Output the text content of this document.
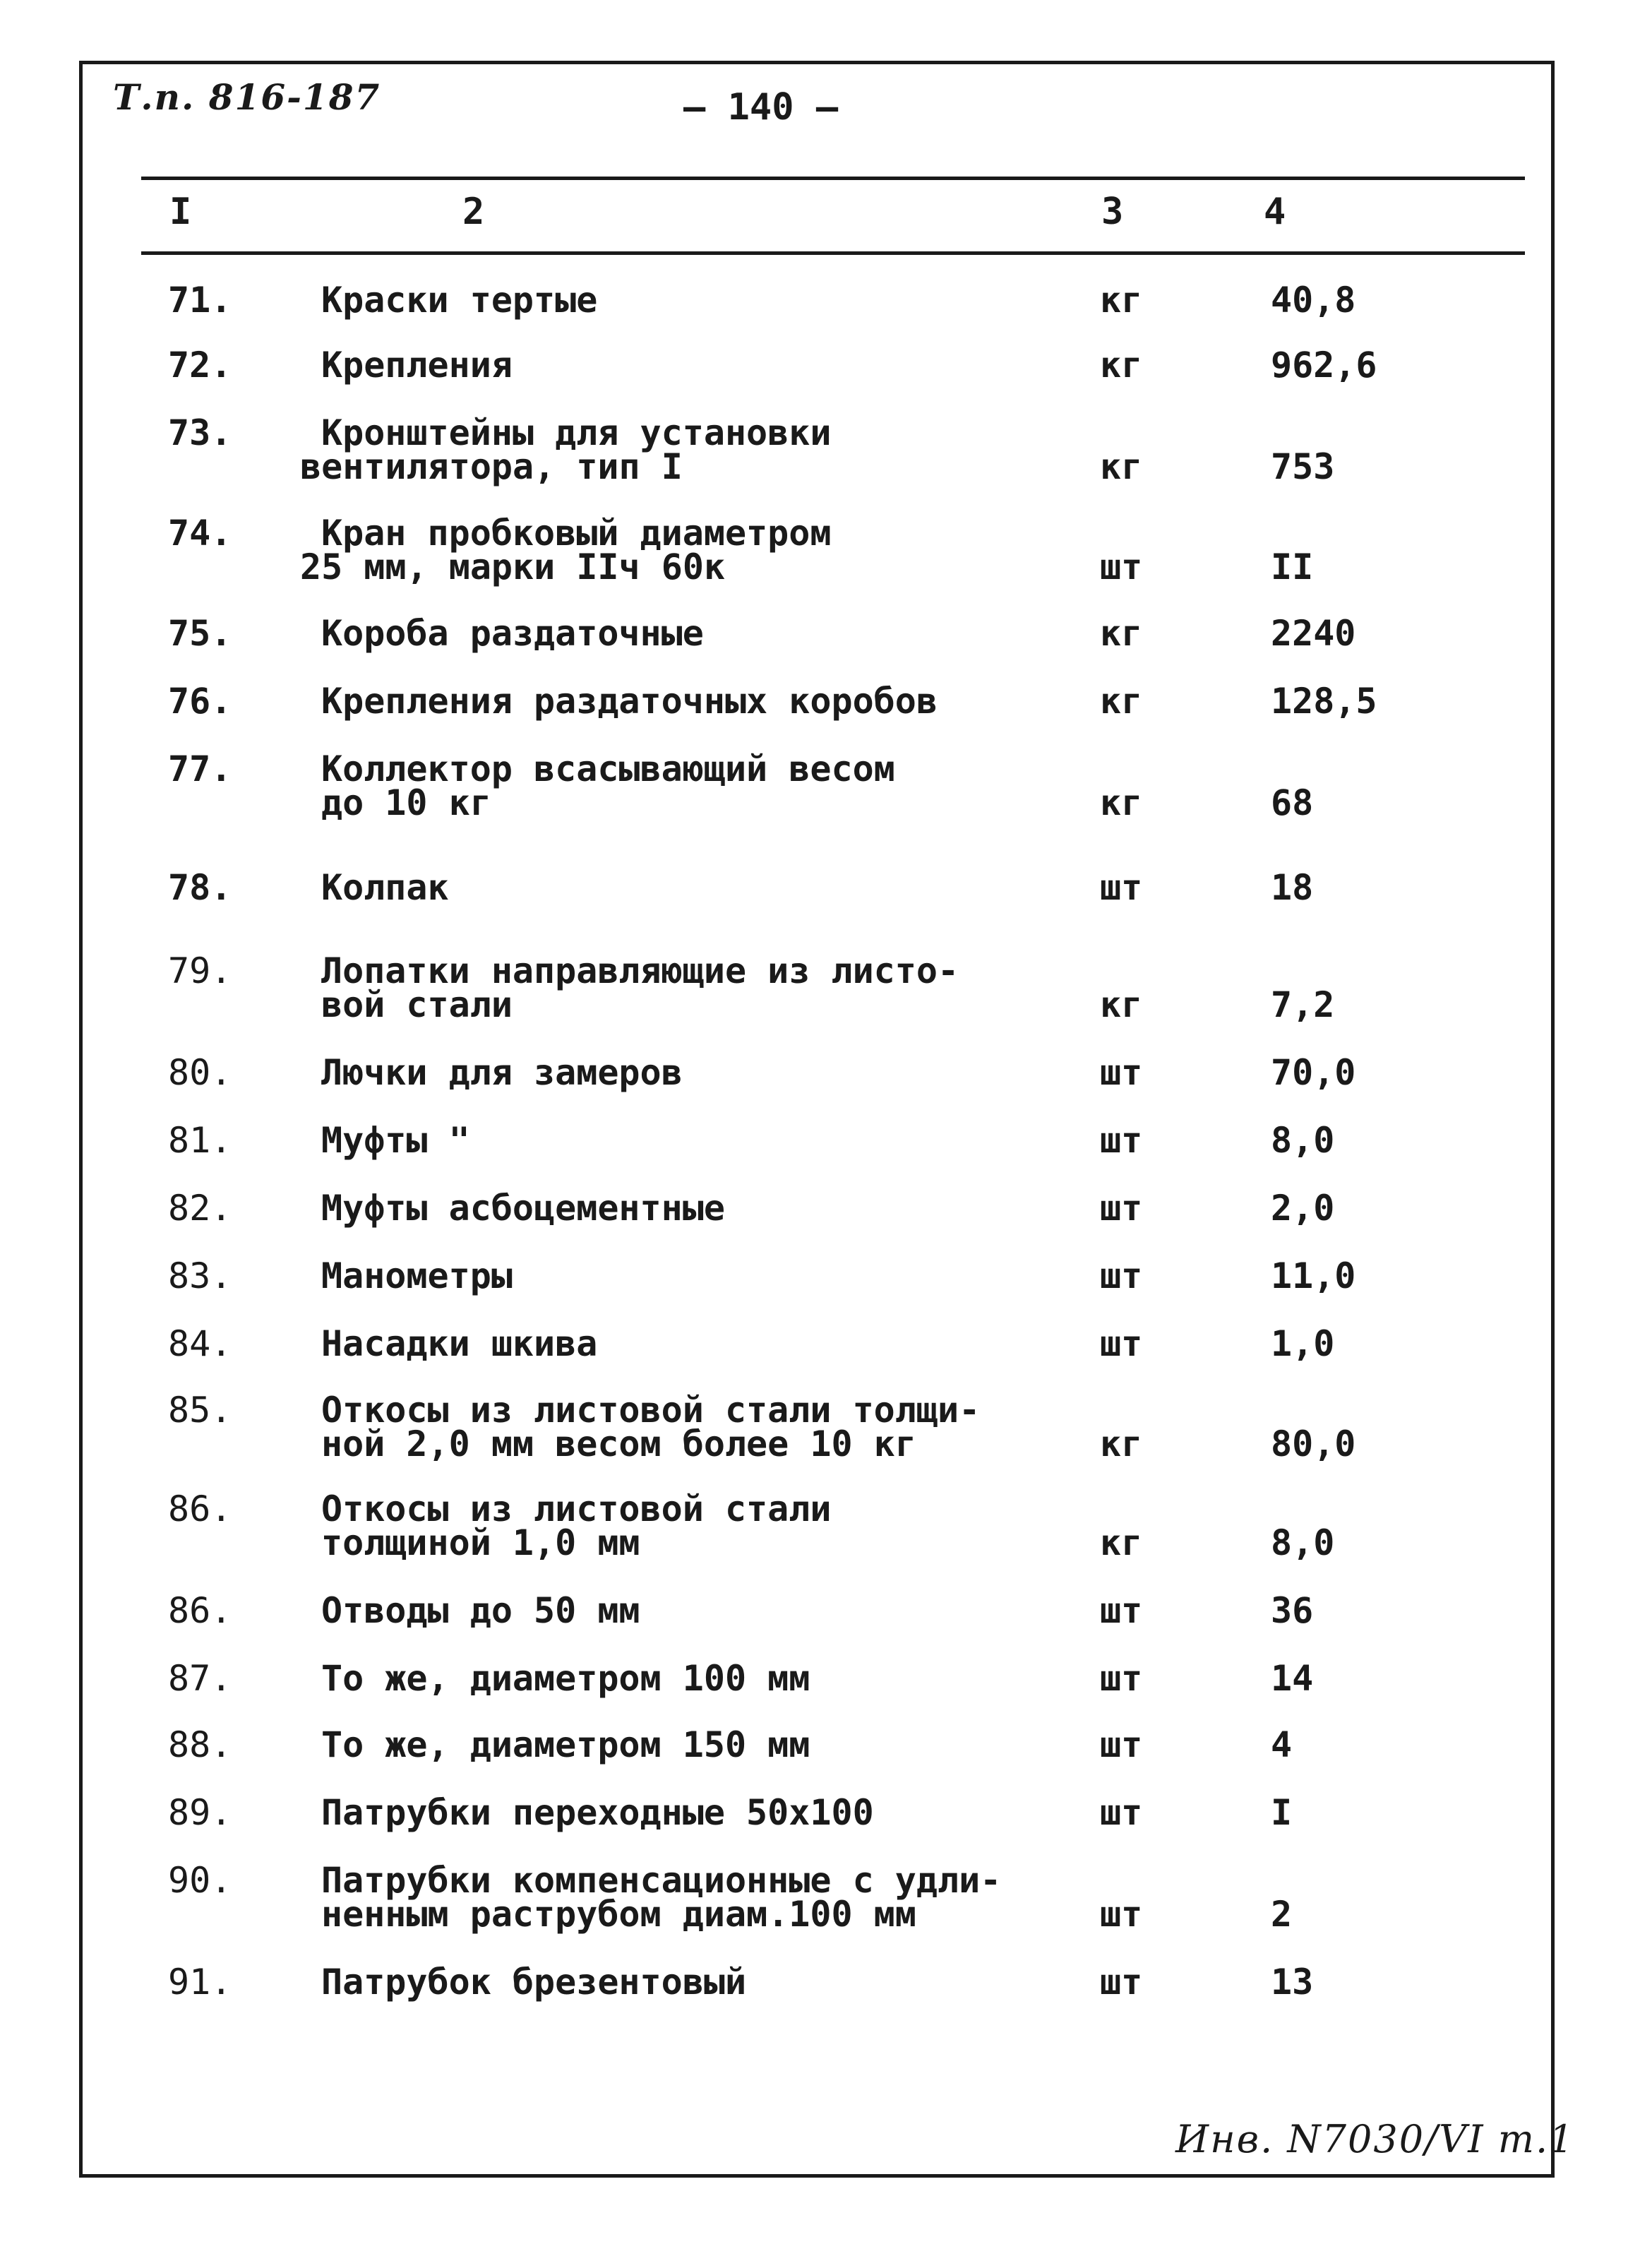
Т.п. 816-187	– 140 –
I	2	3	4
71.	Краски тертые	кг	40,8
72.	Крепления	кг	962,6
73.	Кронштейны для установки
вентилятора, тип I	кг	753
74.	Кран пробковый диаметром
25 мм, марки IIч 60к	шт	II
75.	Короба раздаточные	кг	2240
76.	Крепления раздаточных коробов	кг	128,5
77.	Коллектор всасывающий весом
до 10 кг	кг	68
78.	Колпак	шт	18
79.	Лопатки направляющие из листо-
вой стали	кг	7,2
80.	Лючки для замеров	шт	70,0
81.	Муфты "	шт	8,0
82.	Муфты асбоцементные	шт	2,0
83.	Манометры	шт	11,0
84.	Насадки шкива	шт	1,0
85.	Откосы из листовой стали толщи-
ной 2,0 мм весом более 10 кг	кг	80,0
86.	Откосы из листовой стали
толщиной 1,0 мм	кг	8,0
86.	Отводы до 50 мм	шт	36
87.	То же, диаметром 100 мм	шт	14
88.	То же, диаметром 150 мм	шт	4
89.	Патрубки переходные 50х100	шт	I
90.	Патрубки компенсационные с удли-
ненным раструбом диам.100 мм	шт	2
91.	Патрубок брезентовый	шт	13
Инв. N7030/VI т.1
